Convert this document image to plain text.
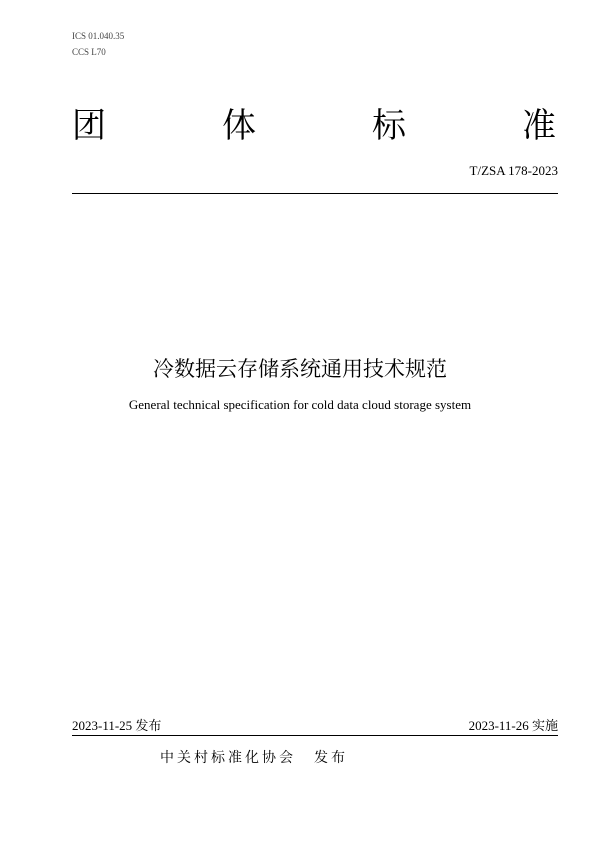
ICS 01.040.35
CCS L70
团	体	标	准
T/ZSA 178-2023
冷数据云存储系统通用技术规范
General technical specification for cold data cloud storage system
2023-11-25 发布	2023-11-26 实施
中关村标准化协会 发布
